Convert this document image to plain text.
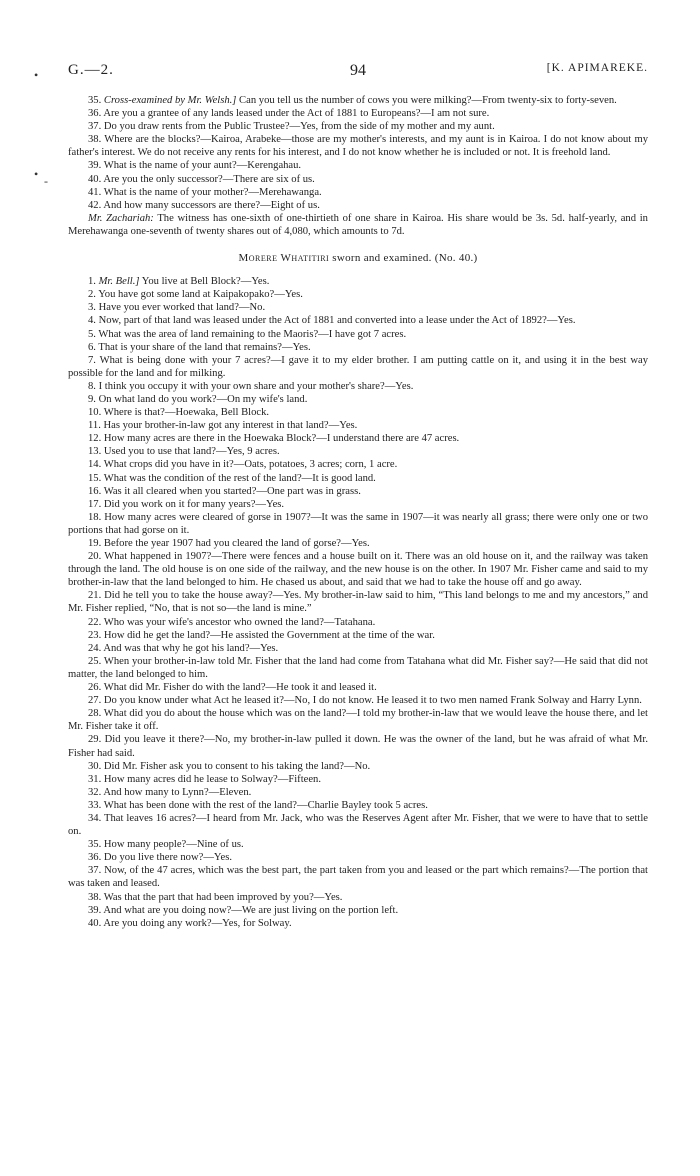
•
• -
94
G.—2.	[K. APIMAREKE.

35. Cross-examined by Mr. Welsh.] Can you tell us the number of cows you were milking?—From twenty-six to forty-seven.

36. Are you a grantee of any lands leased under the Act of 1881 to Europeans?—I am not sure.

37. Do you draw rents from the Public Trustee?—Yes, from the side of my mother and my aunt.

38. Where are the blocks?—Kairoa, Arabeke—those are my mother's interests, and my aunt is in Kairoa. I do not know about my father's interest. We do not receive any rents for his interest, and I do not know whether he is included or not. It is freehold land.

39. What is the name of your aunt?—Kerengahau.

40. Are you the only successor?—There are six of us.

41. What is the name of your mother?—Merehawanga.

42. And how many successors are there?—Eight of us.

Mr. Zachariah: The witness has one-sixth of one-thirtieth of one share in Kairoa. His share would be 3s. 5d. half-yearly, and in Merehawanga one-seventh of twenty shares out of 4,080, which amounts to 7d.

Morere Whatitiri sworn and examined. (No. 40.)

1. Mr. Bell.] You live at Bell Block?—Yes.

2. You have got some land at Kaipakopako?—Yes.

3. Have you ever worked that land?—No.

4. Now, part of that land was leased under the Act of 1881 and converted into a lease under the Act of 1892?—Yes.

5. What was the area of land remaining to the Maoris?—I have got 7 acres.

6. That is your share of the land that remains?—Yes.

7. What is being done with your 7 acres?—I gave it to my elder brother. I am putting cattle on it, and using it in the best way possible for the land and for milking.

8. I think you occupy it with your own share and your mother's share?—Yes.

9. On what land do you work?—On my wife's land.

10. Where is that?—Hoewaka, Bell Block.

11. Has your brother-in-law got any interest in that land?—Yes.

12. How many acres are there in the Hoewaka Block?—I understand there are 47 acres.

13. Used you to use that land?—Yes, 9 acres.

14. What crops did you have in it?—Oats, potatoes, 3 acres; corn, 1 acre.

15. What was the condition of the rest of the land?—It is good land.

16. Was it all cleared when you started?—One part was in grass.

17. Did you work on it for many years?—Yes.

18. How many acres were cleared of gorse in 1907?—It was the same in 1907—it was nearly all grass; there were only one or two portions that had gorse on it.

19. Before the year 1907 had you cleared the land of gorse?—Yes.

20. What happened in 1907?—There were fences and a house built on it. There was an old house on it, and the railway was taken through the land. The old house is on one side of the railway, and the new house is on the other. In 1907 Mr. Fisher came and said to my brother-in-law that the land belonged to him. He chased us about, and said that we had to take the house off and go away.

21. Did he tell you to take the house away?—Yes. My brother-in-law said to him, “This land belongs to me and my ancestors,” and Mr. Fisher replied, “No, that is not so—the land is mine.”

22. Who was your wife's ancestor who owned the land?—Tatahana.

23. How did he get the land?—He assisted the Government at the time of the war.

24. And was that why he got his land?—Yes.

25. When your brother-in-law told Mr. Fisher that the land had come from Tatahana what did Mr. Fisher say?—He said that did not matter, the land belonged to him.

26. What did Mr. Fisher do with the land?—He took it and leased it.

27. Do you know under what Act he leased it?—No, I do not know. He leased it to two men named Frank Solway and Harry Lynn.

28. What did you do about the house which was on the land?—I told my brother-in-law that we would leave the house there, and let Mr. Fisher take it off.

29. Did you leave it there?—No, my brother-in-law pulled it down. He was the owner of the land, but he was afraid of what Mr. Fisher had said.

30. Did Mr. Fisher ask you to consent to his taking the land?—No.

31. How many acres did he lease to Solway?—Fifteen.

32. And how many to Lynn?—Eleven.

33. What has been done with the rest of the land?—Charlie Bayley took 5 acres.

34. That leaves 16 acres?—I heard from Mr. Jack, who was the Reserves Agent after Mr. Fisher, that we were to have that to settle on.

35. How many people?—Nine of us.

36. Do you live there now?—Yes.

37. Now, of the 47 acres, which was the best part, the part taken from you and leased or the part which remains?—The portion that was taken and leased.

38. Was that the part that had been improved by you?—Yes.

39. And what are you doing now?—We are just living on the portion left.

40. Are you doing any work?—Yes, for Solway.
